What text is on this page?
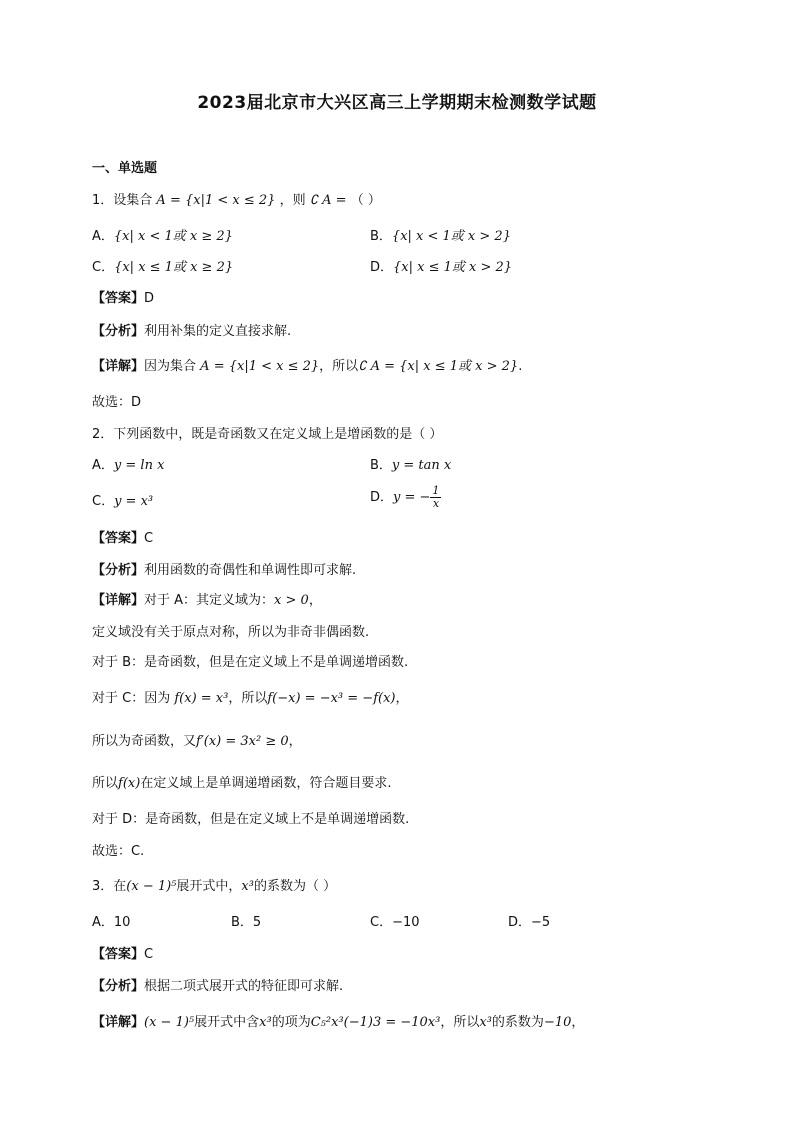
2023届北京市大兴区高三上学期期末检测数学试题
一、单选题
1．设集合 A = {x|1 < x ≤ 2} ，则 ∁ A = （ ）
A．{x| x < 1或 x ≥ 2}	B．{x| x < 1或 x > 2}
C．{x| x ≤ 1或 x ≥ 2}	D．{x| x ≤ 1或 x > 2}
【答案】D
【分析】利用补集的定义直接求解.
【详解】因为集合 A = {x|1 < x ≤ 2}，所以∁ A = {x| x ≤ 1或 x > 2}.
故选：D
2．下列函数中，既是奇函数又在定义域上是增函数的是（ ）
A．y = ln x	B．y = tan x
C．y = x³	D．y = − $\frac{1}{x}$
【答案】C
【分析】利用函数的奇偶性和单调性即可求解.
【详解】对于 A：其定义域为：x > 0，
定义域没有关于原点对称，所以为非奇非偶函数.
对于 B：是奇函数，但是在定义域上不是单调递增函数.
对于 C：因为 f(x) = x³，所以f(−x) = −x³ = −f(x)，
所以为奇函数，又f′(x) = 3x² ≥ 0，
所以f(x)在定义域上是单调递增函数，符合题目要求.
对于 D：是奇函数，但是在定义域上不是单调递增函数.
故选：C.
3．在(x − 1)⁵展开式中，x³的系数为（ ）
A．10	B．5	C．−10	D．−5
【答案】C
【分析】根据二项式展开式的特征即可求解.
【详解】(x − 1)⁵展开式中含x³的项为C₅²x³(−1)3 = −10x³，所以x³的系数为−10，
